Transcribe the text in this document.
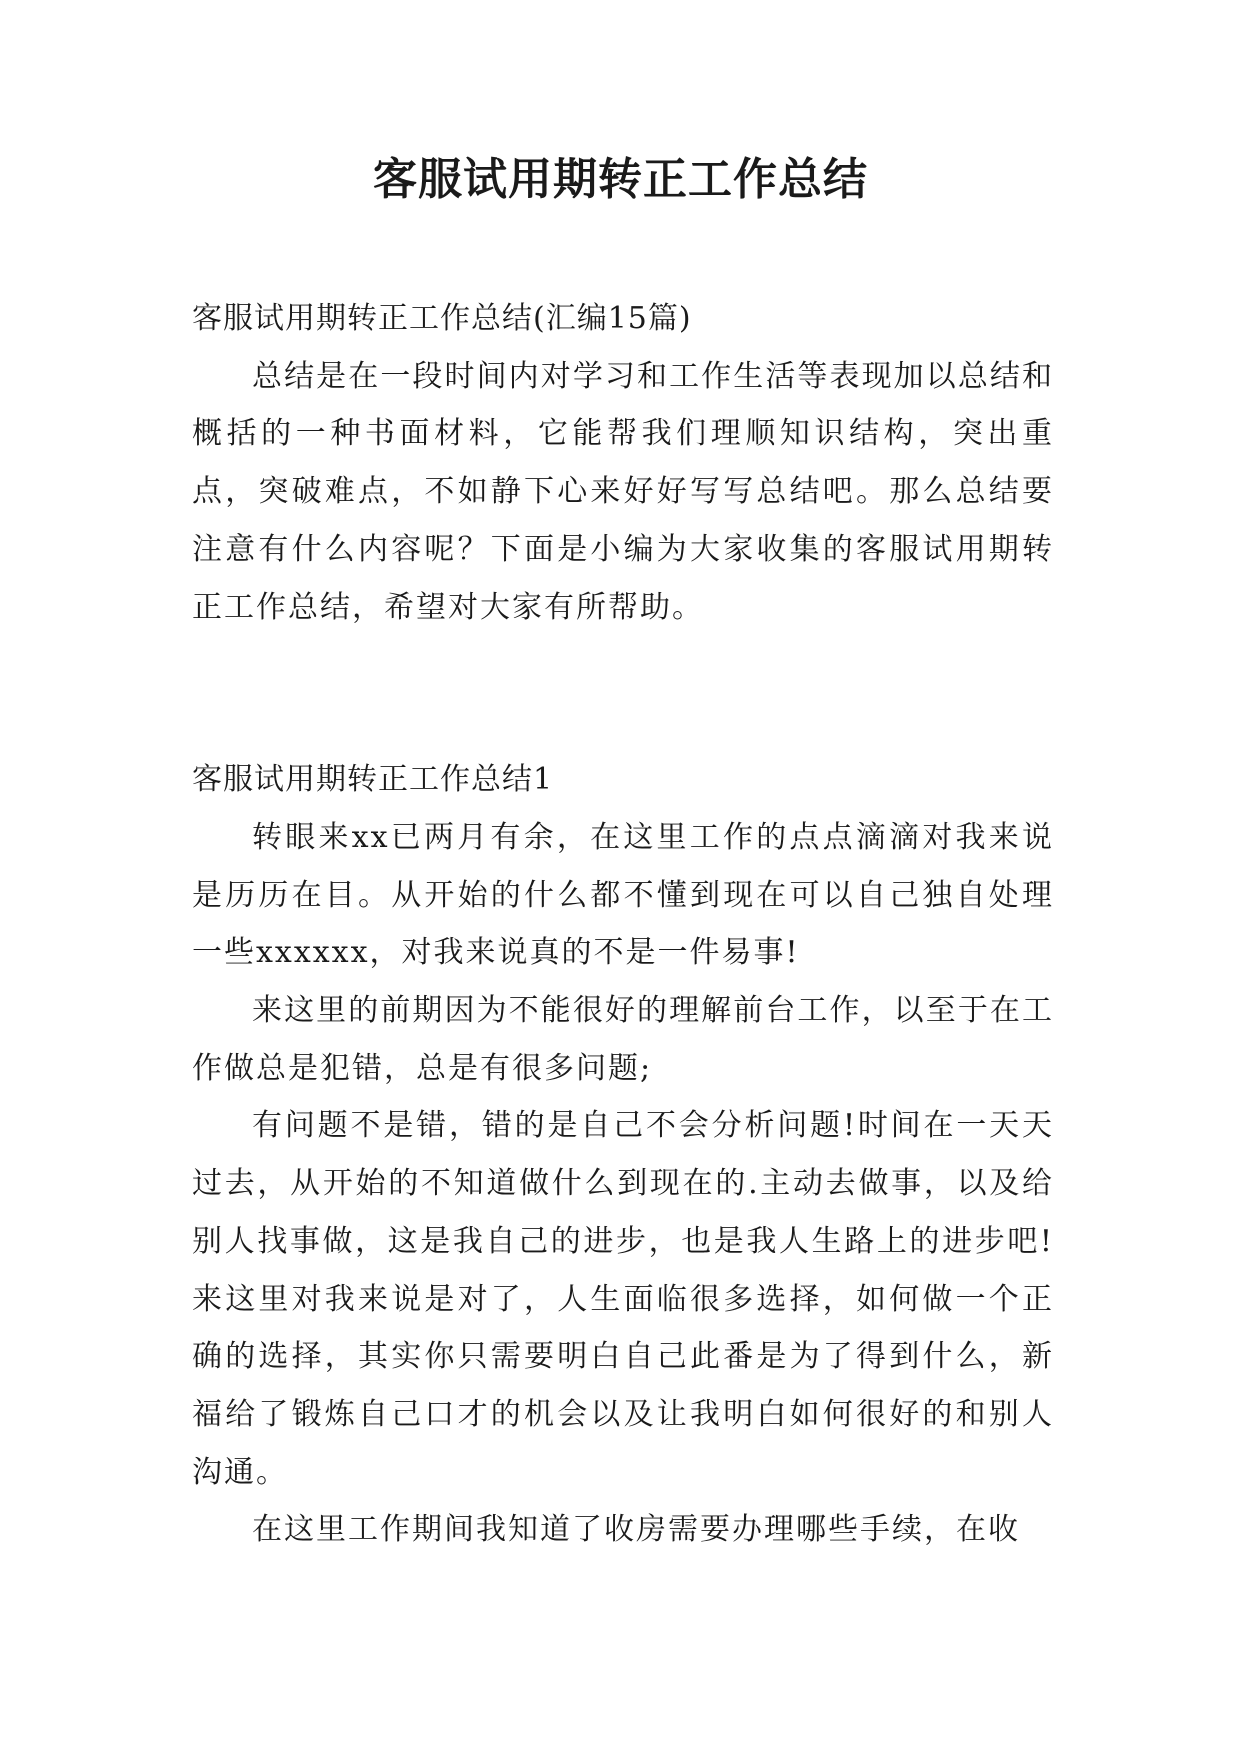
客服试用期转正工作总结

客服试用期转正工作总结(汇编15篇)

总结是在一段时间内对学习和工作生活等表现加以总结和概括的一种书面材料，它能帮我们理顺知识结构，突出重点，突破难点，不如静下心来好好写写总结吧。那么总结要注意有什么内容呢？下面是小编为大家收集的客服试用期转正工作总结，希望对大家有所帮助。

客服试用期转正工作总结1

转眼来xx已两月有余，在这里工作的点点滴滴对我来说是历历在目。从开始的什么都不懂到现在可以自己独自处理一些xxxxxx，对我来说真的不是一件易事!

来这里的前期因为不能很好的理解前台工作，以至于在工作做总是犯错，总是有很多问题;

有问题不是错，错的是自己不会分析问题!时间在一天天过去，从开始的不知道做什么到现在的.主动去做事，以及给别人找事做，这是我自己的进步，也是我人生路上的进步吧!来这里对我来说是对了，人生面临很多选择，如何做一个正确的选择，其实你只需要明白自己此番是为了得到什么，新福给了锻炼自己口才的机会以及让我明白如何很好的和别人沟通。

在这里工作期间我知道了收房需要办理哪些手续，在收
